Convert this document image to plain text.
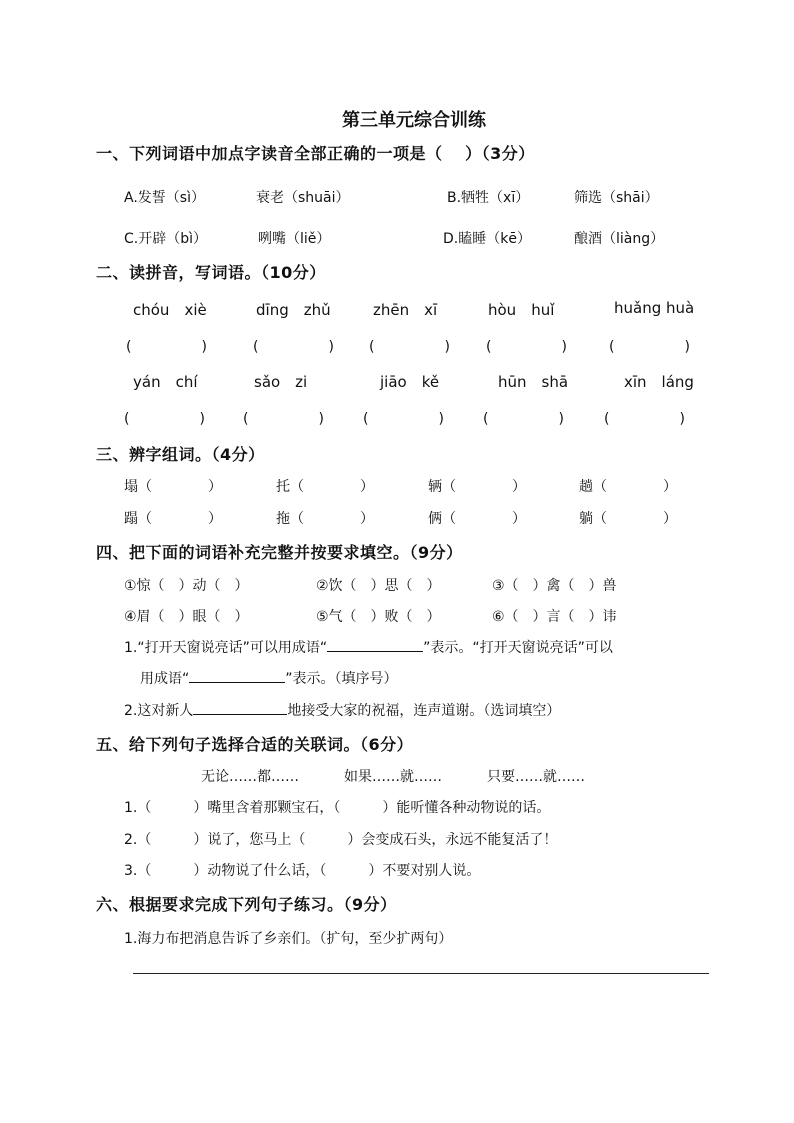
第三单元综合训练
一、下列词语中加点字读音全部正确的一项是（　 ）（3分）
A.发誓（sì）	衰老（shuāi）	B.牺牲（xī）	筛选（shāi）
C.开辟（bì）	咧嘴（liě）	D.瞌睡（kē）	酿酒（liàng）
二、读拼音，写词语。（10分）
chóu　xiè	dīng　zhǔ	zhēn　xī	hòu　huǐ	huǎng huà
(　　　　　)	(　　　　　)	(　　　　　)	(　　　　　)	(　　　　　)
yán　chí	sǎo　zi	jiāo　kě	hūn　shā	xīn　láng
(　　　　　)	(　　　　　)	(　　　　　)	(　　　　　)	(　　　　　)
三、辨字组词。（4分）
塌（　　　　）	托（　　　　）	辆（　　　　）	趟（　　　　）
蹋（　　　　）	拖（　　　　）	俩（　　　　）	躺（　　　　）
四、把下面的词语补充完整并按要求填空。（9分）
①惊（　）动（　）	②饮（　）思（　）	③（　）禽（　）兽
④眉（　）眼（　）	⑤气（　）败（　）	⑥（　）言（　）讳
1.“打开天窗说亮话”可以用成语“	”表示。“打开天窗说亮话”可以
用成语“	”表示。（填序号）
2.这对新人	地接受大家的祝福，连声道谢。（选词填空）
五、给下列句子选择合适的关联词。（6分）
无论……都……	如果……就……	只要……就……
1.（　　　）嘴里含着那颗宝石，（　　　）能听懂各种动物说的话。
2.（　　　）说了，您马上（　　　）会变成石头，永远不能复活了！
3.（　　　）动物说了什么话，（　　　）不要对别人说。
六、根据要求完成下列句子练习。（9分）
1.海力布把消息告诉了乡亲们。（扩句，至少扩两句）
